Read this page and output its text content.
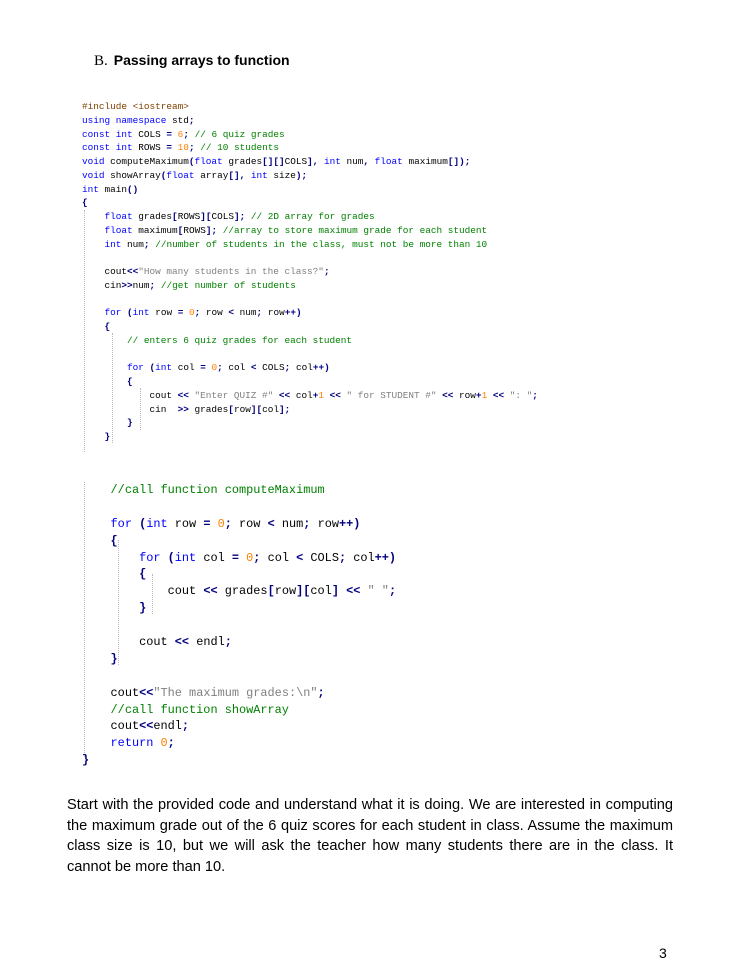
B. Passing arrays to function
#include <iostream>
using namespace std;
const int COLS = 6; // 6 quiz grades
const int ROWS = 10; // 10 students
void computeMaximum(float grades[][]COLS], int num, float maximum[]);
void showArray(float array[], int size);
int main()
{
float grades[ROWS][COLS]; // 2D array for grades
float maximum[ROWS]; //array to store maximum grade for each student
int num; //number of students in the class, must not be more than 10
cout<<"How many students in the class?";
cin>>num; //get number of students
for (int row = 0; row < num; row++)
{
// enters 6 quiz grades for each student
for (int col = 0; col < COLS; col++)
{
cout << "Enter QUIZ #" << col+1 << " for STUDENT #" << row+1 << ": ";
cin  >> grades[row][col];
}
}
//call function computeMaximum
for (int row = 0; row < num; row++)
{
for (int col = 0; col < COLS; col++)
{
cout << grades[row][col] << " ";
}
cout << endl;
}
cout<<"The maximum grades:\n";
//call function showArray
cout<<endl;
return 0;
}
Start with the provided code and understand what it is doing. We are interested in computing the maximum grade out of the 6 quiz scores for each student in class. Assume the maximum class size is 10, but we will ask the teacher how many students there are in the class. It cannot be more than 10.
3
